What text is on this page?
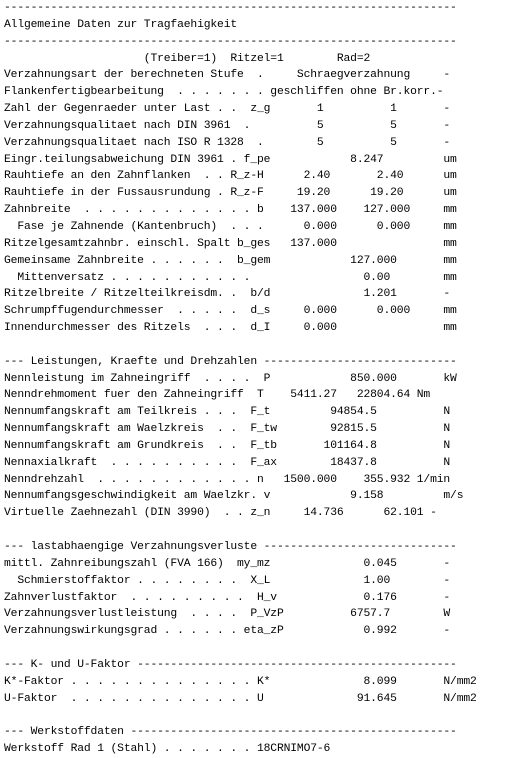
--------------------------------------------------------------------
Allgemeine Daten zur Tragfaehigkeit
--------------------------------------------------------------------
(Treiber=1)  Ritzel=1        Rad=2
Verzahnungsart der berechneten Stufe  .     Schraegverzahnung     -
Flankenfertigbearbeitung  . . . . . . . geschliffen ohne Br.korr.-
Zahl der Gegenraeder unter Last . .  z_g       1          1       -
Verzahnungsqualitaet nach DIN 3961  .          5          5       -
Verzahnungsqualitaet nach ISO R 1328  .        5          5       -
Eingr.teilungsabweichung DIN 3961 . f_pe            8.247         um
Rauhtiefe an den Zahnflanken  . . R_z-H      2.40       2.40      um
Rauhtiefe in der Fussausrundung . R_z-F     19.20      19.20      um
Zahnbreite  . . . . . . . . . . . . . b    137.000    127.000     mm
Fase je Zahnende (Kantenbruch)  . . .      0.000      0.000     mm
Ritzelgesamtzahnbr. einschl. Spalt b_ges   137.000                mm
Gemeinsame Zahnbreite . . . . . .  b_gem            127.000       mm
Mittenversatz . . . . . . . . . . .                 0.00        mm
Ritzelbreite / Ritzelteilkreisdm. .  b/d              1.201       -
Schrumpffugendurchmesser  . . . . .  d_s     0.000      0.000     mm
Innendurchmesser des Ritzels  . . .  d_I     0.000                mm
--- Leistungen, Kraefte und Drehzahlen -----------------------------
Nennleistung im Zahneingriff  . . . .  P            850.000       kW
Nenndrehmoment fuer den Zahneingriff  T    5411.27   22804.64 Nm
Nennumfangskraft am Teilkreis . . .  F_t         94854.5          N
Nennumfangskraft am Waelzkreis  . .  F_tw        92815.5          N
Nennumfangskraft am Grundkreis  . .  F_tb       101164.8          N
Nennaxialkraft  . . . . . . . . . .  F_ax        18437.8          N
Nenndrehzahl  . . . . . . . . . . . . n   1500.000    355.932 1/min
Nennumfangsgeschwindigkeit am Waelzkr. v            9.158         m/s
Virtuelle Zaehnezahl (DIN 3990)  . . z_n     14.736      62.101 -
--- lastabhaengige Verzahnungsverluste -----------------------------
mittl. Zahnreibungszahl (FVA 166)  my_mz              0.045       -
Schmierstoffaktor . . . . . . . .  X_L              1.00        -
Zahnverlustfaktor  . . . . . . . . .  H_v             0.176       -
Verzahnungsverlustleistung  . . . .  P_VzP          6757.7        W
Verzahnungswirkungsgrad . . . . . . eta_zP            0.992       -
--- K- und U-Faktor ------------------------------------------------
K*-Faktor . . . . . . . . . . . . . . K*              8.099       N/mm2
U-Faktor  . . . . . . . . . . . . . . U              91.645       N/mm2
--- Werkstoffdaten -------------------------------------------------
Werkstoff Rad 1 (Stahl) . . . . . . . 18CRNIMO7-6
